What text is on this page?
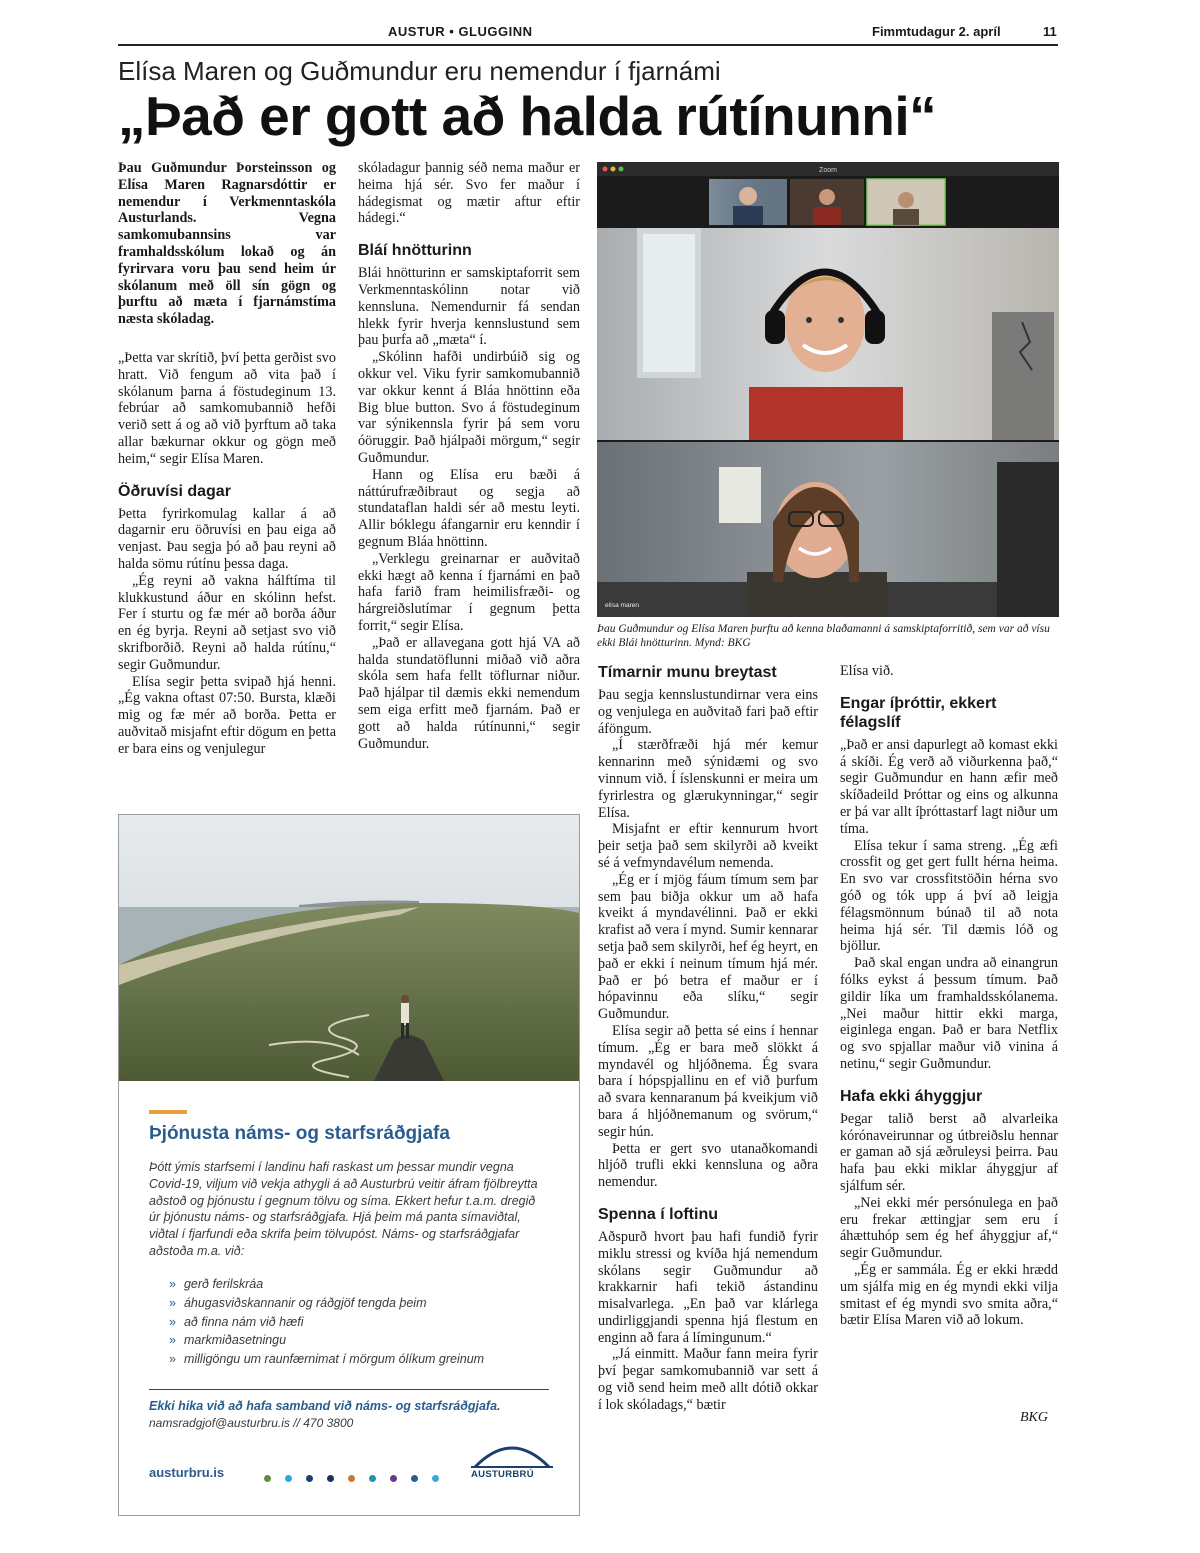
AUSTUR • GLUGGINN	Fimmtudagur 2. apríl	11
Elísa Maren og Guðmundur eru nemendur í fjarnámi
„Það er gott að halda rútínunni“

Þau Guðmundur Þorsteinsson og Elísa Maren Ragnarsdóttir er nemendur í Verkmenntaskóla Austurlands. Vegna samkomubannsins var framhaldsskólum lokað og án fyrirvara voru þau send heim úr skólanum með öll sín gögn og þurftu að mæta í fjarnámstíma næsta skóladag.

„Þetta var skrítið, því þetta gerðist svo hratt. Við fengum að vita það í skólanum þarna á föstudeginum 13. febrúar að samkomubannið hefði verið sett á og að við þyrftum að taka allar bækurnar okkur og gögn með heim,“ segir Elísa Maren.

Öðruvísi dagar

Þetta fyrirkomulag kallar á að dagarnir eru öðruvísi en þau eiga að venjast. Þau segja þó að þau reyni að halda sömu rútínu þessa daga.

„Ég reyni að vakna hálftíma til klukkustund áður en skólinn hefst. Fer í sturtu og fæ mér að borða áður en ég byrja. Reyni að setjast svo við skrifborðið. Reyni að halda rútínu,“ segir Guðmundur.

Elísa segir þetta svipað hjá henni. „Ég vakna oftast 07:50. Bursta, klæði mig og fæ mér að borða. Þetta er auðvitað misjafnt eftir dögum en þetta er bara eins og venjulegur

skóladagur þannig séð nema maður er heima hjá sér. Svo fer maður í hádegismat og mætir aftur eftir hádegi.“

Bláí hnötturinn

Blái hnötturinn er samskiptaforrit sem Verkmenntaskólinn notar við kennsluna. Nemendurnir fá sendan hlekk fyrir hverja kennslustund sem þau þurfa að „mæta“ í.

„Skólinn hafði undirbúið sig og okkur vel. Viku fyrir samkomubannið var okkur kennt á Bláa hnöttinn eða Big blue button. Svo á föstudeginum var sýnikennsla fyrir þá sem voru óöruggir. Það hjálpaði mörgum,“ segir Guðmundur.

Hann og Elísa eru bæði á náttúrufræðibraut og segja að stundataflan haldi sér að mestu leyti. Allir bóklegu áfangarnir eru kenndir í gegnum Bláa hnöttinn.

„Verklegu greinarnar er auðvitað ekki hægt að kenna í fjarnámi en það hafa farið fram heimilisfræði- og hárgreiðslutímar í gegnum þetta forrit,“ segir Elísa.

„Það er allavegana gott hjá VA að halda stundatöflunni miðað við aðra skóla sem hafa fellt töflurnar niður. Það hjálpar til dæmis ekki nemendum sem eiga erfitt með fjarnám. Það er gott að halda rútínunni,“ segir Guðmundur.

Zoom
elísa maren
Þau Guðmundur og Elísa Maren þurftu að kenna blaðamanni á samskiptaforritið, sem var að vísu ekki Blái hnötturinn. Mynd: BKG
Tímarnir munu breytast

Þau segja kennslustundirnar vera eins og venjulega en auðvitað fari það eftir áföngum.

„Í stærðfræði hjá mér kemur kennarinn með sýnidæmi og svo vinnum við. Í íslenskunni er meira um fyrirlestra og glærukynningar,“ segir Elísa.

Misjafnt er eftir kennurum hvort þeir setja það sem skilyrði að kveikt sé á vefmyndavélum nemenda.

„Ég er í mjög fáum tímum sem þar sem þau biðja okkur um að hafa kveikt á myndavélinni. Það er ekki krafist að vera í mynd. Sumir kennarar setja það sem skilyrði, hef ég heyrt, en það er ekki í neinum tímum hjá mér. Það er þó betra ef maður er í hópavinnu eða slíku,“ segir Guðmundur.

Elísa segir að þetta sé eins í hennar tímum. „Ég er bara með slökkt á myndavél og hljóðnema. Ég svara bara í hópspjallinu en ef við þurfum að svara kennaranum þá kveikjum við bara á hljóðnemanum og svörum,“ segir hún.

Þetta er gert svo utanaðkomandi hljóð trufli ekki kennsluna og aðra nemendur.

Spenna í loftinu

Aðspurð hvort þau hafi fundið fyrir miklu stressi og kvíða hjá nemendum skólans segir Guðmundur að krakkarnir hafi tekið ástandinu misalvarlega. „En það var klárlega undirliggjandi spenna hjá flestum en enginn að fara á límingunum.“

„Já einmitt. Maður fann meira fyrir því þegar samkomubannið var sett á og við send heim með allt dótið okkar í lok skóladags,“ bætir

Elísa við.

Engar íþróttir, ekkert félagslíf

„Það er ansi dapurlegt að komast ekki á skíði. Ég verð að viðurkenna það,“ segir Guðmundur en hann æfir með skíðadeild Þróttar og eins og alkunna er þá var allt íþróttastarf lagt niður um tíma.

Elísa tekur í sama streng. „Ég æfi crossfit og get gert fullt hérna heima. En svo var crossfitstöðin hérna svo góð og tók upp á því að leigja félagsmönnum búnað til að nota heima hjá sér. Til dæmis lóð og bjöllur.

Það skal engan undra að einangrun fólks eykst á þessum tímum. Það gildir líka um framhaldsskólanema. „Nei maður hittir ekki marga, eiginlega engan. Það er bara Netflix og svo spjallar maður við vinina á netinu,“ segir Guðmundur.

Hafa ekki áhyggjur

Þegar talið berst að alvarleika kórónaveirunnar og útbreiðslu hennar er gaman að sjá æðruleysi þeirra. Þau hafa þau ekki miklar áhyggjur af sjálfum sér.

„Nei ekki mér persónulega en það eru frekar ættingjar sem eru í áhættuhóp sem ég hef áhyggjur af,“ segir Guðmundur.

„Ég er sammála. Ég er ekki hrædd um sjálfa mig en ég myndi ekki vilja smitast ef ég myndi svo smita aðra,“ bætir Elísa Maren við að lokum.

BKG
Þjónusta náms- og starfsráðgjafa
Þótt ýmis starfsemi í landinu hafi raskast um þessar mundir vegna Covid-19, viljum við vekja athygli á að Austurbrú veitir áfram fjölbreytta aðstoð og þjónustu í gegnum tölvu og síma. Ekkert hefur t.a.m. dregið úr þjónustu náms- og starfsráðgjafa. Hjá þeim má panta símaviðtal, viðtal í fjarfundi eða skrifa þeim tölvupóst. Náms- og starfsráðgjafar aðstoða m.a. við:
» gerð ferilskráa
» áhugasviðskannanir og ráðgjöf tengda þeim
» að finna nám við hæfi
» markmiðasetningu
» milligöngu um raunfærnimat í mörgum ólíkum greinum
Ekki hika við að hafa samband við náms- og starfsráðgjafa.
namsradgjof@austurbru.is // 470 3800
austurbru.is	AUSTURBRÚ
